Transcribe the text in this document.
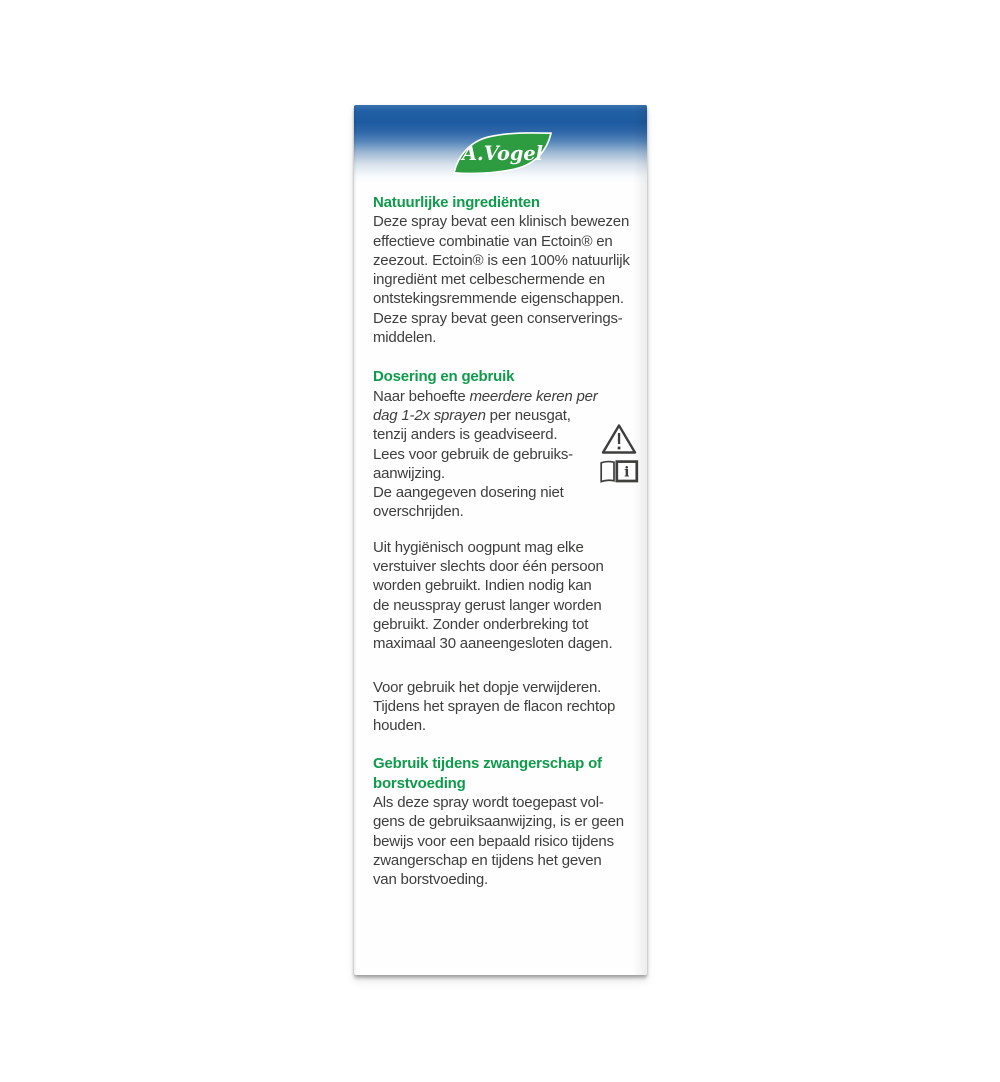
A.Vogel
Natuurlijke ingrediënten
Deze spray bevat een klinisch bewezen
effectieve combinatie van Ectoin® en
zeezout. Ectoin® is een 100% natuurlijk
ingrediënt met celbeschermende en
ontstekingsremmende eigenschappen.
Deze spray bevat geen conserverings-
middelen.
Dosering en gebruik
Naar behoefte meerdere keren per
dag 1-2x sprayen per neusgat,
tenzij anders is geadviseerd.
Lees voor gebruik de gebruiks-
aanwijzing.
De aangegeven dosering niet
overschrijden.
Uit hygiënisch oogpunt mag elke
verstuiver slechts door één persoon
worden gebruikt. Indien nodig kan
de neusspray gerust langer worden
gebruikt. Zonder onderbreking tot
maximaal 30 aaneengesloten dagen.
Voor gebruik het dopje verwijderen.
Tijdens het sprayen de flacon rechtop
houden.
Gebruik tijdens zwangerschap of
borstvoeding
Als deze spray wordt toegepast vol-
gens de gebruiksaanwijzing, is er geen
bewijs voor een bepaald risico tijdens
zwangerschap en tijdens het geven
van borstvoeding.
i
